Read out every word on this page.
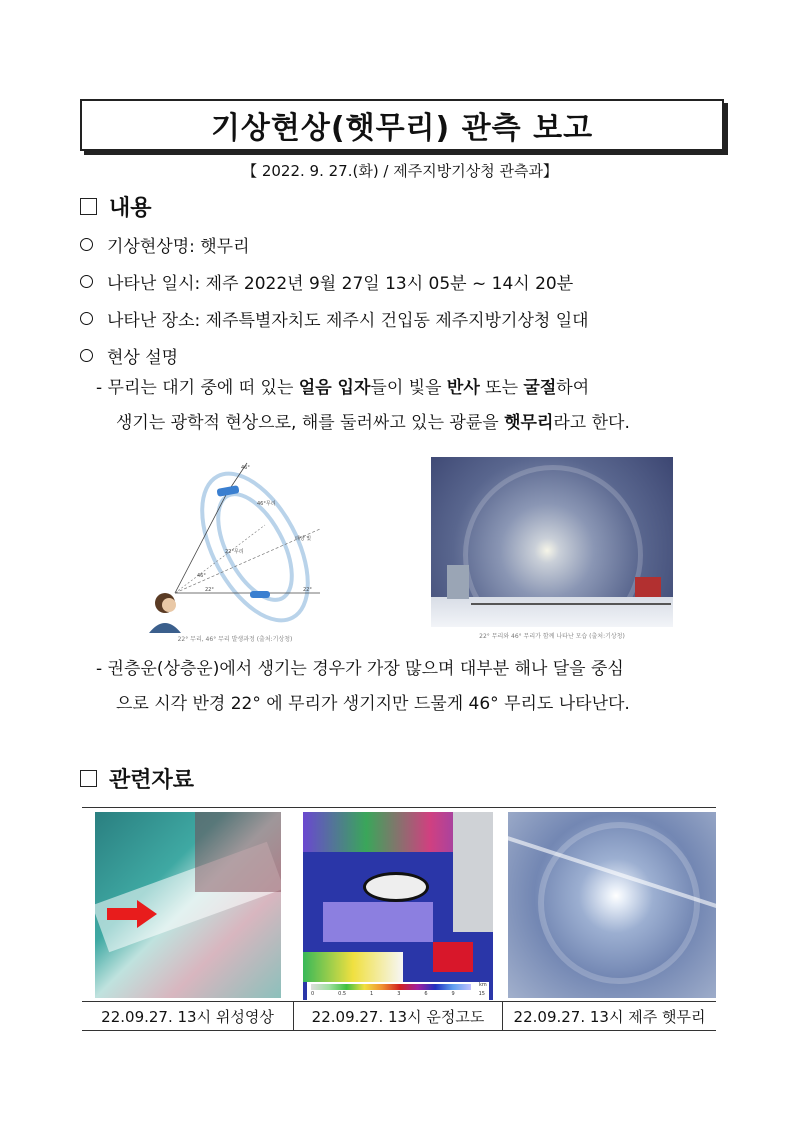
기상현상(햇무리) 관측 보고
【 2022. 9. 27.(화) / 제주지방기상청 관측과】
내용
기상현상명: 햇무리
나타난 일시: 제주 2022년 9월 27일 13시 05분 ~ 14시 20분
나타난 장소: 제주특별자치도 제주시 건입동 제주지방기상청 일대
현상 설명
- 무리는 대기 중에 떠 있는 얼음 입자들이 빛을 반사 또는 굴절하여
생기는 광학적 현상으로, 해를 둘러싸고 있는 광륜을 햇무리라고 한다.
46°
46°무리
22°무리
태양 빛
46°
22°	22°
22° 무리, 46° 무리 발생과정 (출처:기상청)	22° 무리와 46° 무리가 함께 나타난 모습 (출처:기상청)
- 권층운(상층운)에서 생기는 경우가 가장 많으며 대부분 해나 달을 중심
으로 시각 반경 22° 에 무리가 생기지만 드물게 46° 무리도 나타난다.
관련자료
0	0.5	1	3	6	9	15
km
22.09.27. 13시 위성영상	22.09.27. 13시 운정고도	22.09.27. 13시 제주 햇무리
